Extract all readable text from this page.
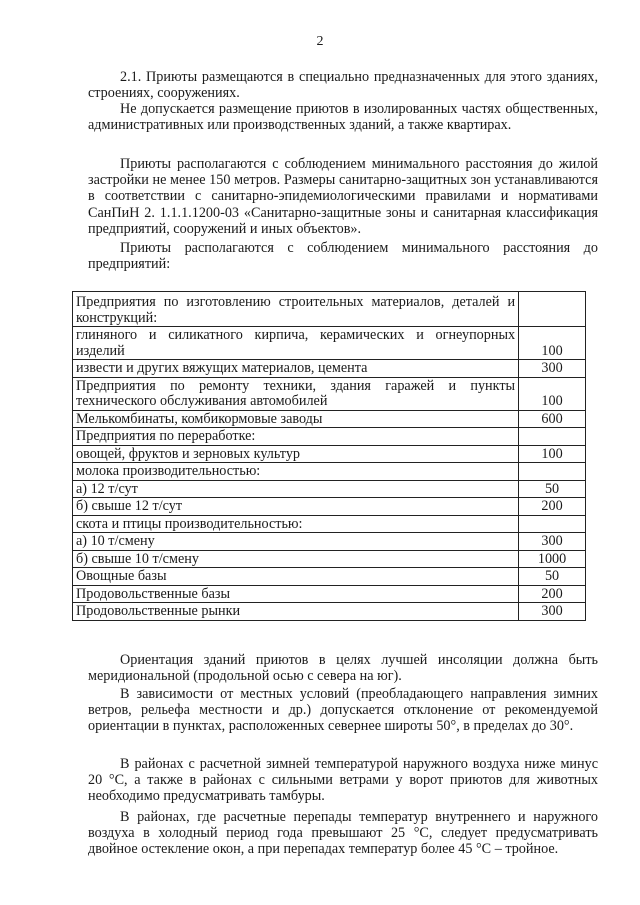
2

2.1. Приюты размещаются в специально предназначенных для этого зданиях, строениях, сооружениях.

Не допускается размещение приютов в изолированных частях общественных, административных или производственных зданий, а также квартирах.

Приюты располагаются с соблюдением минимального расстояния до жилой застройки не менее 150 метров. Размеры санитарно-защитных зон устанавливаются в соответствии с санитарно-эпидемиологическими правилами и нормативами СанПиН 2. 1.1.1.1200-03 «Санитарно-защитные зоны и санитарная классификация предприятий, сооружений и иных объектов».

Приюты располагаются с соблюдением минимального расстояния до предприятий:

Предприятия по изготовлению строительных материалов, деталей и конструкций:	
глиняного и силикатного кирпича, керамических и огнеупорных изделий	100
извести и других вяжущих материалов, цемента	300
Предприятия по ремонту техники, здания гаражей и пункты технического обслуживания автомобилей	100
Мелькомбинаты, комбикормовые заводы	600
Предприятия по переработке:	
овощей, фруктов и зерновых культур	100
молока производительностью:	
а) 12 т/сут	50
б) свыше 12 т/сут	200
скота и птицы производительностью:	
а) 10 т/смену	300
б) свыше 10 т/смену	1000
Овощные базы	50
Продовольственные базы	200
Продовольственные рынки	300

Ориентация зданий приютов в целях лучшей инсоляции должна быть меридиональной (продольной осью с севера на юг).

В зависимости от местных условий (преобладающего направления зимних ветров, рельефа местности и др.) допускается отклонение от рекомендуемой ориентации в пунктах, расположенных севернее широты 50°, в пределах до 30°.

В районах с расчетной зимней температурой наружного воздуха ниже минус 20 °С, а также в районах с сильными ветрами у ворот приютов для животных необходимо предусматривать тамбуры.

В районах, где расчетные перепады температур внутреннего и наружного воздуха в холодный период года превышают 25 °С, следует предусматривать двойное остекление окон, а при перепадах температур более 45 °С – тройное.
